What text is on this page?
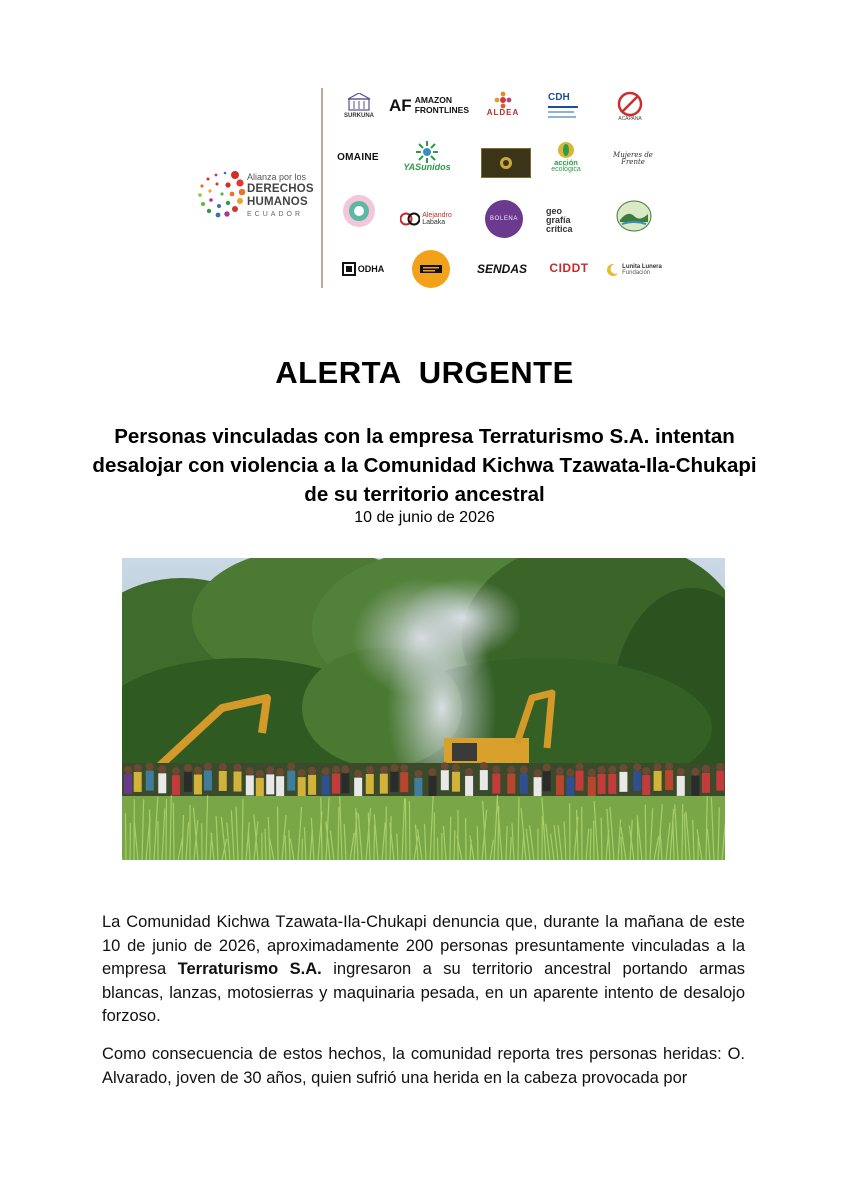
Alianza por los
DERECHOS
HUMANOS
ECUADOR
SURKUNA
AF AMAZON
FRONTLINES ALDEA
CDH
ACAPANA
OMAINE
YASunidos	acción
ecológica
Mujeres de Frente
Alejandro
Labaka	BOLENA
geo
grafía
crítica
ODHA	SENDAS CIDDT	Lunita Lunera
Fundación
ALERTA  URGENTE
Personas vinculadas con la empresa Terraturismo S.A. intentan desalojar con violencia a la Comunidad Kichwa Tzawata-Ila-Chukapi de su territorio ancestral
10 de junio de 2026
La Comunidad Kichwa Tzawata-Ila-Chukapi denuncia que, durante la mañana de este 10 de junio de 2026, aproximadamente 200 personas presuntamente vinculadas a la empresa Terraturismo S.A. ingresaron a su territorio ancestral portando armas blancas, lanzas, motosierras y maquinaria pesada, en un aparente intento de desalojo forzoso.
Como consecuencia de estos hechos, la comunidad reporta tres personas heridas: O. Alvarado, joven de 30 años, quien sufrió una herida en la cabeza provocada por
